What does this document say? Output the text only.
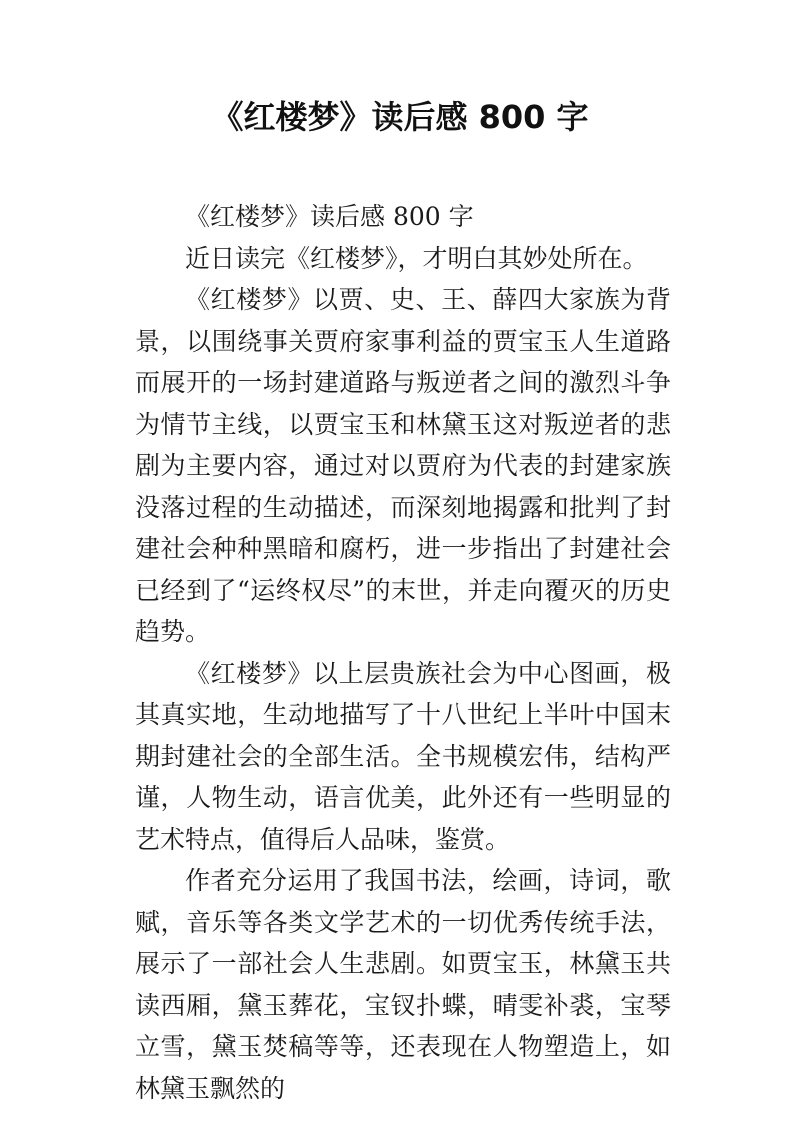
《红楼梦》读后感 800 字

《红楼梦》读后感 800 字

近日读完《红楼梦》，才明白其妙处所在。

《红楼梦》以贾、史、王、薛四大家族为背景，以围绕事关贾府家事利益的贾宝玉人生道路而展开的一场封建道路与叛逆者之间的激烈斗争为情节主线，以贾宝玉和林黛玉这对叛逆者的悲剧为主要内容，通过对以贾府为代表的封建家族没落过程的生动描述，而深刻地揭露和批判了封建社会种种黑暗和腐朽，进一步指出了封建社会已经到了“运终权尽”的末世，并走向覆灭的历史趋势。

《红楼梦》以上层贵族社会为中心图画，极其真实地，生动地描写了十八世纪上半叶中国末期封建社会的全部生活。全书规模宏伟，结构严谨，人物生动，语言优美，此外还有一些明显的艺术特点，值得后人品味，鉴赏。

作者充分运用了我国书法，绘画，诗词，歌赋，音乐等各类文学艺术的一切优秀传统手法，展示了一部社会人生悲剧。如贾宝玉，林黛玉共读西厢，黛玉葬花，宝钗扑蝶，晴雯补裘，宝琴立雪，黛玉焚稿等等，还表现在人物塑造上，如林黛玉飘然的
